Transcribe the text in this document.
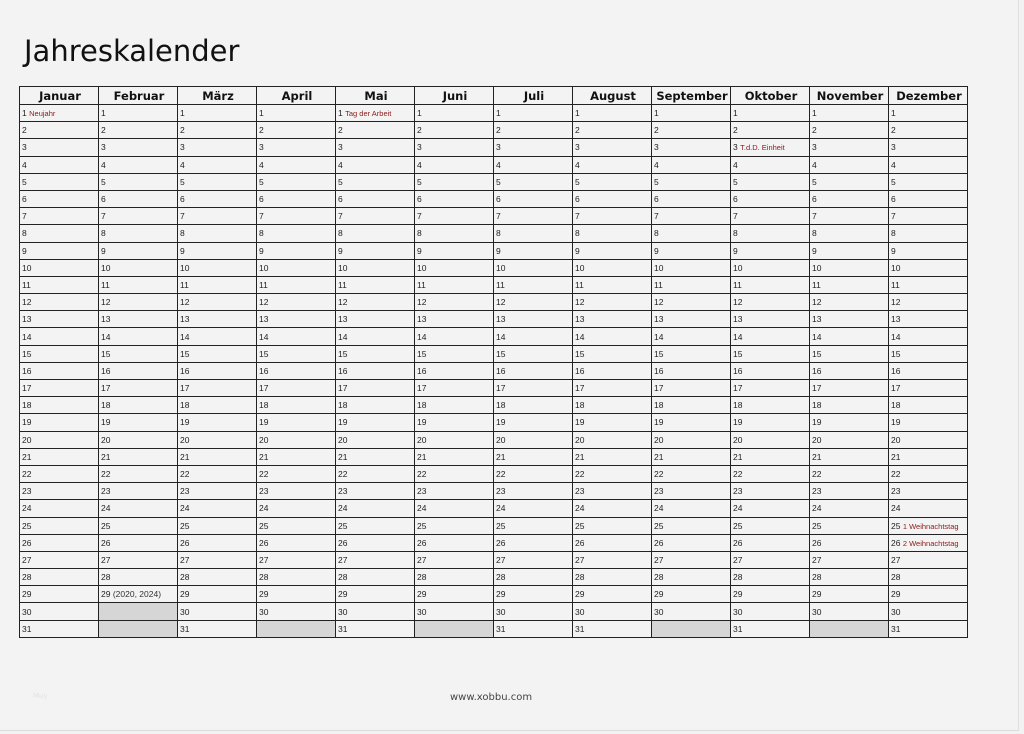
Jahreskalender
Januar	Februar	März	April	Mai	Juni	Juli	August	September	Oktober	November	Dezember
1 Neujahr	1	1	1	1 Tag der Arbeit	1	1	1	1	1	1	1
2	2	2	2	2	2	2	2	2	2	2	2
3	3	3	3	3	3	3	3	3	3 T.d.D. Einheit	3	3
4	4	4	4	4	4	4	4	4	4	4	4
5	5	5	5	5	5	5	5	5	5	5	5
6	6	6	6	6	6	6	6	6	6	6	6
7	7	7	7	7	7	7	7	7	7	7	7
8	8	8	8	8	8	8	8	8	8	8	8
9	9	9	9	9	9	9	9	9	9	9	9
10	10	10	10	10	10	10	10	10	10	10	10
11	11	11	11	11	11	11	11	11	11	11	11
12	12	12	12	12	12	12	12	12	12	12	12
13	13	13	13	13	13	13	13	13	13	13	13
14	14	14	14	14	14	14	14	14	14	14	14
15	15	15	15	15	15	15	15	15	15	15	15
16	16	16	16	16	16	16	16	16	16	16	16
17	17	17	17	17	17	17	17	17	17	17	17
18	18	18	18	18	18	18	18	18	18	18	18
19	19	19	19	19	19	19	19	19	19	19	19
20	20	20	20	20	20	20	20	20	20	20	20
21	21	21	21	21	21	21	21	21	21	21	21
22	22	22	22	22	22	22	22	22	22	22	22
23	23	23	23	23	23	23	23	23	23	23	23
24	24	24	24	24	24	24	24	24	24	24	24
25	25	25	25	25	25	25	25	25	25	25	25 1 Weihnachtstag
26	26	26	26	26	26	26	26	26	26	26	26 2 Weihnachtstag
27	27	27	27	27	27	27	27	27	27	27	27
28	28	28	28	28	28	28	28	28	28	28	28
29	29 (2020, 2024)	29	29	29	29	29	29	29	29	29	29
30		30	30	30	30	30	30	30	30	30	30
31		31		31		31	31		31		31
Muy	www.xobbu.com
